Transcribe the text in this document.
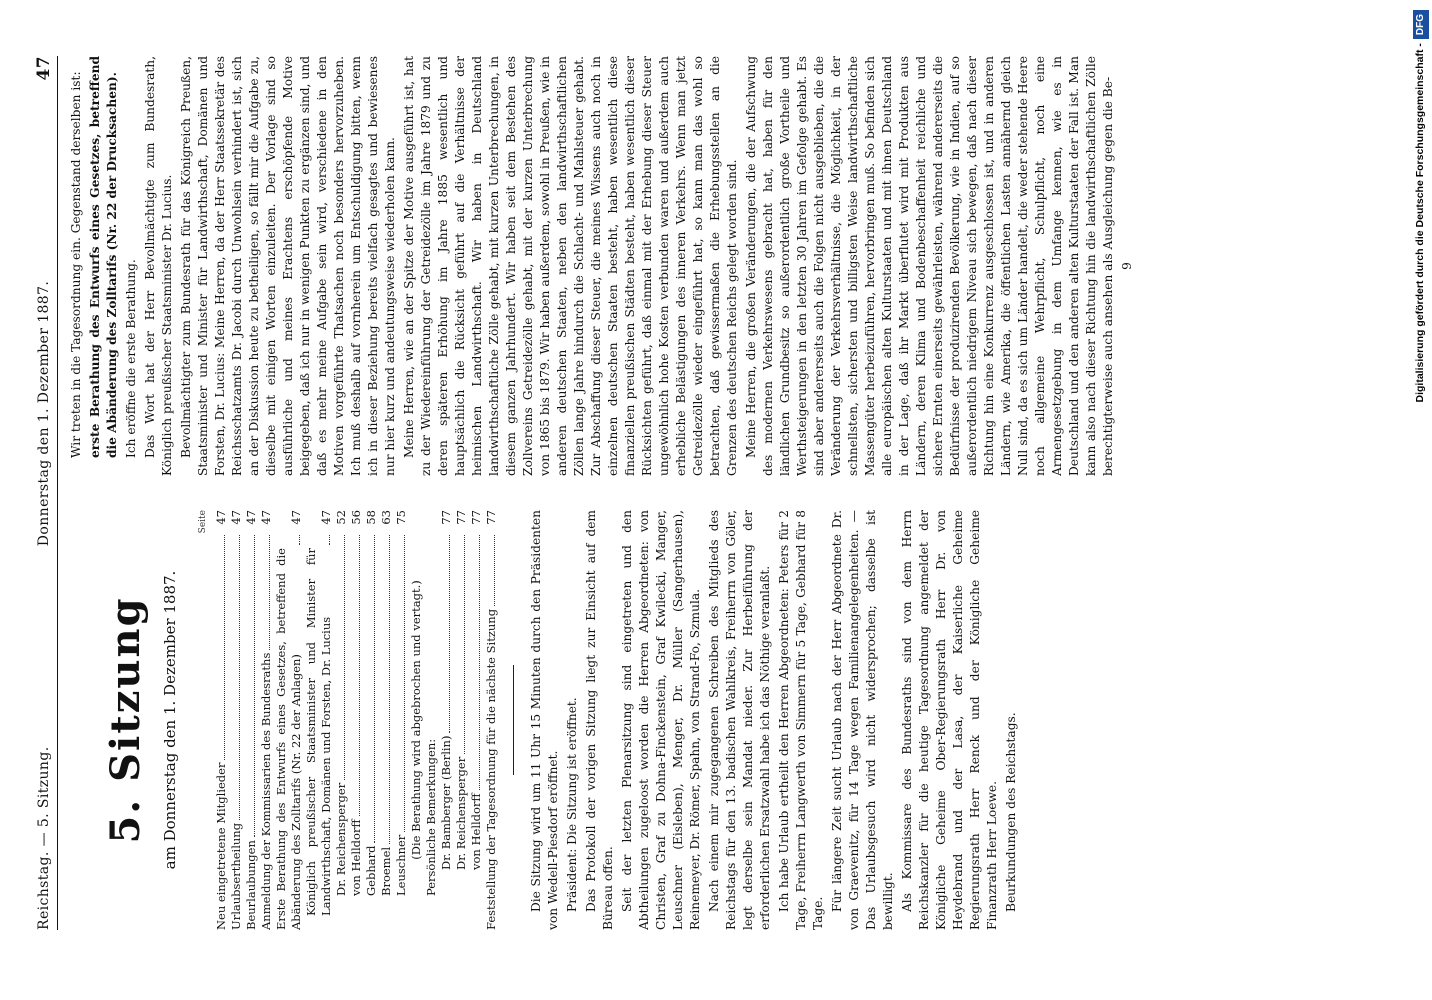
Reichstag. — 5. Sitzung.
Donnerstag den 1. Dezember 1887.
47
5. Sitzung am Donnerstag den 1. Dezember 1887.
Seite
Neu eingetretene Mitglieder
47
Urlaubsertheilung
47
Beurlaubungen
47
Anmeldung der Kommissarien des Bundesraths
47
Erste Berathung des Entwurfs eines Gesetzes, betreffend die Abänderung des Zolltarifs (Nr. 22 der Anlagen)
47
Königlich preußischer Staatsminister und Minister für Landwirthschaft, Domänen und Forsten, Dr. Lucius
47
Dr. Reichensperger
52
von Helldorff
56
Gebhard
58
Broemel
63
Leuschner
75
(Die Berathung wird abgebrochen und vertagt.) Persönliche Bemerkungen: Dr. Bamberger (Berlin)
77
Dr. Reichensperger
77
von Helldorff
77
Feststellung der Tagesordnung für die nächste Sitzung
77	Die Sitzung wird um 11 Uhr 15 Minuten durch den Präsidenten von Wedell-Piesdorf eröffnet. Präsident: Die Sitzung ist eröffnet. Das Protokoll der vorigen Sitzung liegt zur Einsicht auf dem Büreau offen. Seit der letzten Plenarsitzung sind eingetreten und den Abtheilungen zugeloost worden die Herren Abgeordneten: von Christen, Graf zu Dohna-Finckenstein, Graf Kwilecki, Manger, Leuschner (Eisleben), Menger, Dr. Müller (Sangerhausen), Reinemeyer, Dr. Römer, Spahn, von Strand-Fo, Szmula. Nach einem mir zugegangenen Schreiben des Mitglieds des Reichstags für den 13. badischen Wahlkreis, Freiherrn von Göler, legt derselbe sein Mandat nieder. Zur Herbeiführung der erforderlichen Ersatzwahl habe ich das Nöthige veranlaßt. Ich habe Urlaub ertheilt den Herren Abgeordneten: Peters für 2 Tage, Freiherrn Langwerth von Simmern für 5 Tage, Gebhard für 8 Tage.

Für längere Zeit sucht Urlaub nach der Herr Abgeordnete Dr. von Graevenitz, für 14 Tage wegen Familienangelegenheiten. — Das Urlaubsgesuch wird nicht widersprochen; dasselbe ist bewilligt. Als Kommissare des Bundesraths sind von dem Herrn Reichskanzler für die heutige Tagesordnung angemeldet der Königliche Geheime Ober-Regierungsrath Herr Dr. von Heydebrand und der Lasa, der Kaiserliche Geheime Regierungsrath Herr Renck und der Königliche Geheime Finanzrath Herr Loewe. Beurkundungen des Reichstags.

Wir treten in die Tagesordnung ein. Gegenstand derselben ist: erste Berathung des Entwurfs eines Gesetzes, betreffend die Abänderung des Zolltarifs (Nr. 22 der Drucksachen). Ich eröffne die erste Berathung. Das Wort hat der Herr Bevollmächtigte zum Bundesrath, Königlich preußischer Staatsminister Dr. Lucius. Bevollmächtigter zum Bundesrath für das Königreich Preußen, Staatsminister und Minister für Landwirthschaft, Domänen und Forsten, Dr. Lucius: Meine Herren, da der Herr Staatssekretär des Reichsschatzamts Dr. Jacobi durch Unwohlsein verhindert ist, sich an der Diskussion heute zu betheiligen, so fällt mir die Aufgabe zu, dieselbe mit einigen Worten einzuleiten. Der Vorlage sind so ausführliche und meines Erachtens erschöpfende Motive beigegeben, daß ich nur in wenigen Punkten zu ergänzen sind, und daß es mehr meine Aufgabe sein wird, verschiedene in den Motiven vorgeführte Thatsachen noch besonders hervorzuheben. Ich muß deshalb auf vornherein um Entschuldigung bitten, wenn ich in dieser Beziehung bereits vielfach gesagtes und bewiesenes nur hier kurz und andeutungsweise wiederholen kann. Meine Herren, wie an der Spitze der Motive ausgeführt ist, hat zu der Wiedereinführung der Getreidezölle im Jahre 1879 und zu deren späteren Erhöhung im Jahre 1885 wesentlich und hauptsächlich die Rücksicht geführt auf die Verhältnisse der heimischen Landwirthschaft. Wir haben in Deutschland landwirthschaftliche Zölle gehabt, mit kurzen Unterbrechungen, in diesem ganzen Jahrhundert. Wir haben seit dem Bestehen des Zollvereins Getreidezölle gehabt, mit der kurzen Unterbrechung von 1865 bis 1879. Wir haben außerdem, sowohl in Preußen, wie in anderen deutschen Staaten, neben den landwirthschaftlichen Zöllen lange Jahre hindurch die Schlacht- und Mahlsteuer gehabt. Zur Abschaffung dieser Steuer, die meines Wissens auch noch in einzelnen deutschen Staaten besteht, haben wesentlich diese finanziellen preußischen Städten besteht, haben wesentlich dieser Rücksichten geführt, daß einmal mit der Erhebung dieser Steuer ungewöhnlich hohe Kosten verbunden waren und außerdem auch erhebliche Belästigungen des inneren Verkehrs. Wenn man jetzt Getreidezölle wieder eingeführt hat, so kann man das wohl so betrachten, daß gewissermaßen die Erhebungsstellen an die Grenzen des deutschen Reichs gelegt worden sind. Meine Herren, die großen Veränderungen, die der Aufschwung des modernen Verkehrswesens gebracht hat, haben für den ländlichen Grundbesitz so außerordentlich große Vortheile und Werthsteigerungen in den letzten 30 Jahren im Gefolge gehabt. Es sind aber andererseits auch die Folgen nicht ausgeblieben, die die Veränderung der Verkehrsverhältnisse, die Möglichkeit, in der schnellsten, sichersten und billigsten Weise landwirthschaftliche Massengüter herbeizuführen, hervorbringen muß. So befinden sich alle europäischen alten Kulturstaaten und mit ihnen Deutschland in der Lage, daß ihr Markt überflutet wird mit Produkten aus Ländern, deren Klima und Bodenbeschaffenheit reichliche und sichere Ernten einerseits gewährleisten, während andererseits die Bedürfnisse der produzirenden Bevölkerung, wie in Indien, auf so außerordentlich niedrigem Niveau sich bewegen, daß nach dieser Richtung hin eine Konkurrenz ausgeschlossen ist, und in anderen Ländern, wie Amerika, die öffentlichen Lasten annähernd gleich Null sind, da es sich um Länder handelt, die weder stehende Heere noch allgemeine Wehrpflicht, Schulpflicht, noch eine Armengesetzgebung in dem Umfange kennen, wie es in Deutschland und den anderen alten Kulturstaaten der Fall ist. Man kann also nach dieser Richtung hin die landwirthschaftlichen Zölle berechtigterweise auch ansehen als Ausgleichung gegen die Be- 9	Digitalisierung gefördert durch die Deutsche Forschungsgemeinschaft -DFG
